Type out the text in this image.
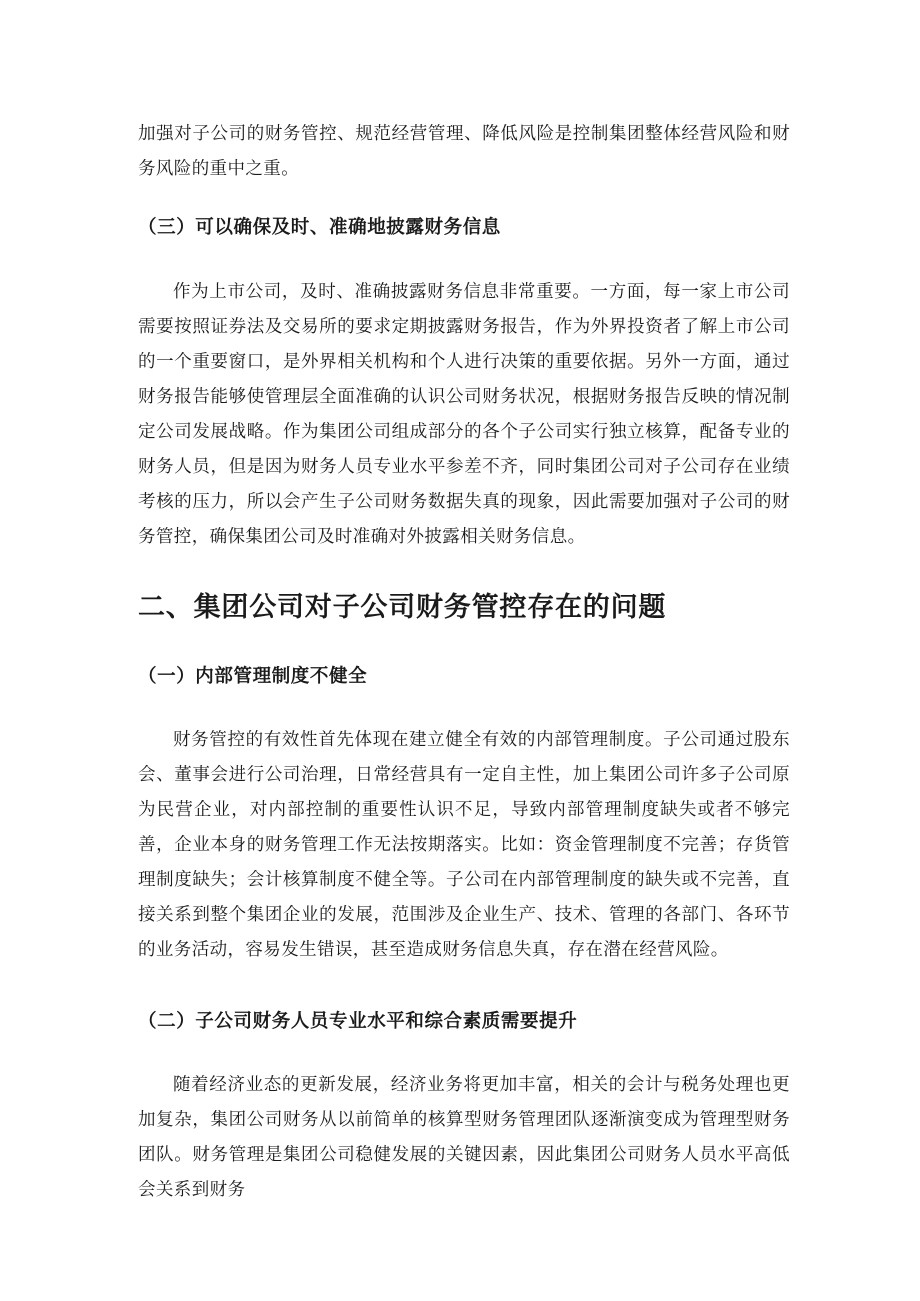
加强对子公司的财务管控、规范经营管理、降低风险是控制集团整体经营风险和财务风险的重中之重。

（三）可以确保及时、准确地披露财务信息

作为上市公司，及时、准确披露财务信息非常重要。一方面，每一家上市公司需要按照证券法及交易所的要求定期披露财务报告，作为外界投资者了解上市公司的一个重要窗口，是外界相关机构和个人进行决策的重要依据。另外一方面，通过财务报告能够使管理层全面准确的认识公司财务状况，根据财务报告反映的情况制定公司发展战略。作为集团公司组成部分的各个子公司实行独立核算，配备专业的财务人员，但是因为财务人员专业水平参差不齐，同时集团公司对子公司存在业绩考核的压力，所以会产生子公司财务数据失真的现象，因此需要加强对子公司的财务管控，确保集团公司及时准确对外披露相关财务信息。

二、集团公司对子公司财务管控存在的问题
（一）内部管理制度不健全

财务管控的有效性首先体现在建立健全有效的内部管理制度。子公司通过股东会、董事会进行公司治理，日常经营具有一定自主性，加上集团公司许多子公司原为民营企业，对内部控制的重要性认识不足，导致内部管理制度缺失或者不够完善，企业本身的财务管理工作无法按期落实。比如：资金管理制度不完善；存货管理制度缺失；会计核算制度不健全等。子公司在内部管理制度的缺失或不完善，直接关系到整个集团企业的发展，范围涉及企业生产、技术、管理的各部门、各环节的业务活动，容易发生错误，甚至造成财务信息失真，存在潜在经营风险。

（二）子公司财务人员专业水平和综合素质需要提升

随着经济业态的更新发展，经济业务将更加丰富，相关的会计与税务处理也更加复杂，集团公司财务从以前简单的核算型财务管理团队逐渐演变成为管理型财务团队。财务管理是集团公司稳健发展的关键因素，因此集团公司财务人员水平高低会关系到财务
